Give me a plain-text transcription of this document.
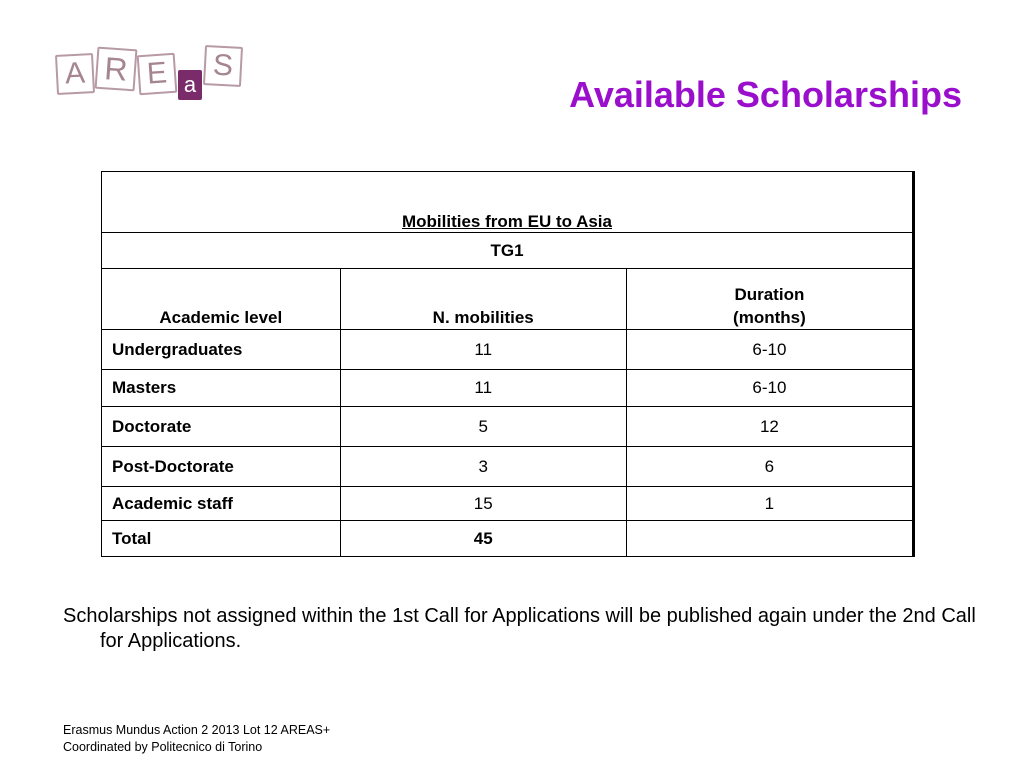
A R E a
S
Available Scholarships
Mobilities from EU to Asia		
TG1		
Academic level	N. mobilities	Duration
(months)
Undergraduates	11	6-10
Masters	11	6-10
Doctorate	5	12
Post-Doctorate	3	6
Academic staff	15	1
Total	45	
Scholarships not assigned within the 1st Call for Applications will be published again under the 2nd Call for Applications.
Erasmus Mundus Action 2 2013 Lot 12 AREAS+
Coordinated by Politecnico di Torino
